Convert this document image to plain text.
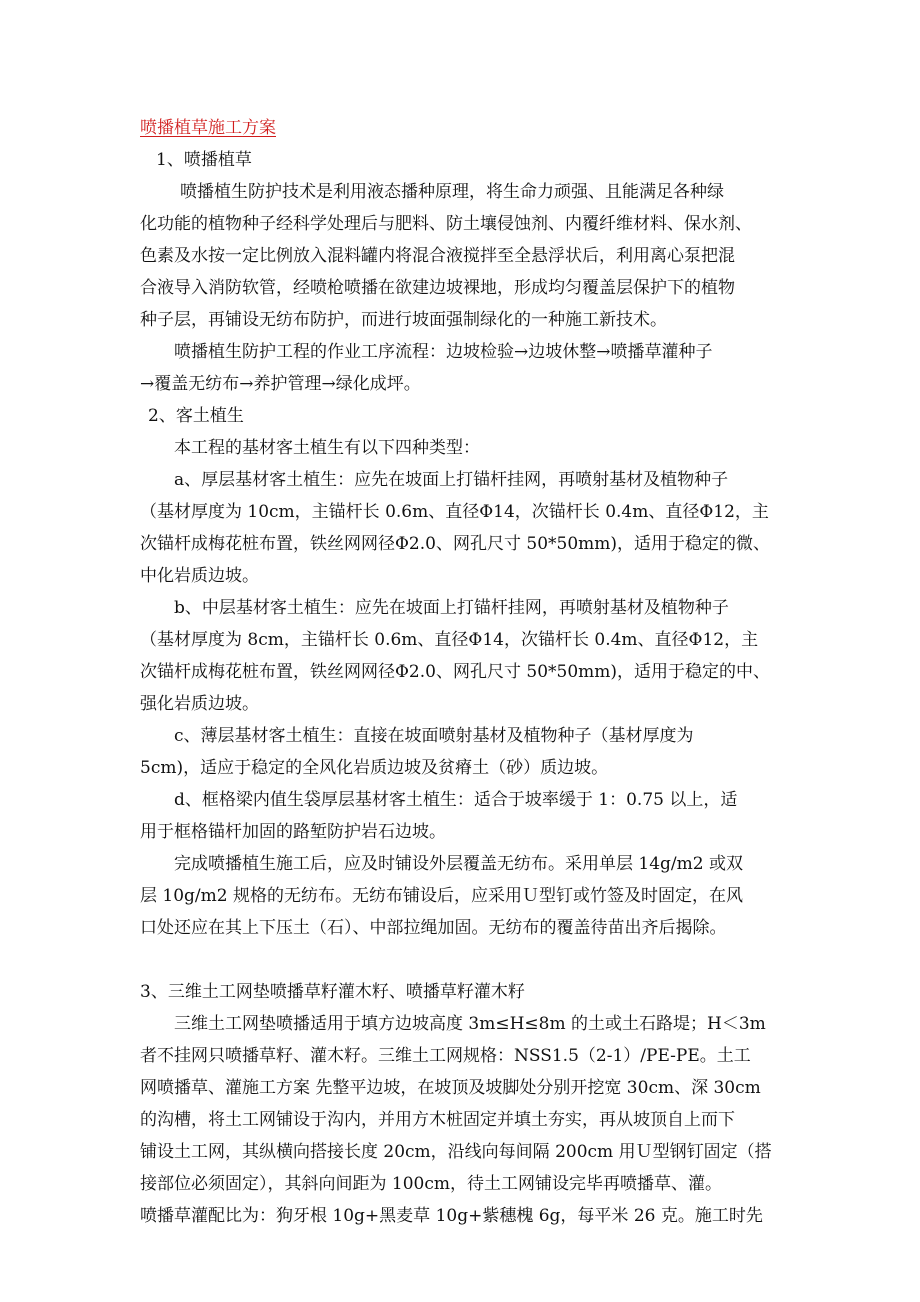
喷播植草施工方案
1、喷播植草
喷播植生防护技术是利用液态播种原理，将生命力顽强、且能满足各种绿
化功能的植物种子经科学处理后与肥料、防土壤侵蚀剂、内覆纤维材料、保水剂、
色素及水按一定比例放入混料罐内将混合液搅拌至全悬浮状后，利用离心泵把混
合液导入消防软管，经喷枪喷播在欲建边坡裸地，形成均匀覆盖层保护下的植物
种子层，再铺设无纺布防护，而进行坡面强制绿化的一种施工新技术。
喷播植生防护工程的作业工序流程：边坡检验→边坡休整→喷播草灌种子
→覆盖无纺布→养护管理→绿化成坪。
2、客土植生
本工程的基材客土植生有以下四种类型：
a、厚层基材客土植生：应先在坡面上打锚杆挂网，再喷射基材及植物种子
（基材厚度为 10cm，主锚杆长 0.6m、直径Φ14，次锚杆长 0.4m、直径Φ12，主
次锚杆成梅花桩布置，铁丝网网径Φ2.0、网孔尺寸 50*50mm)，适用于稳定的微、
中化岩质边坡。
b、中层基材客土植生：应先在坡面上打锚杆挂网，再喷射基材及植物种子
（基材厚度为 8cm，主锚杆长 0.6m、直径Φ14，次锚杆长 0.4m、直径Φ12，主
次锚杆成梅花桩布置，铁丝网网径Φ2.0、网孔尺寸 50*50mm)，适用于稳定的中、
强化岩质边坡。
c、薄层基材客土植生：直接在坡面喷射基材及植物种子（基材厚度为
5cm)，适应于稳定的全风化岩质边坡及贫瘠土（砂）质边坡。
d、框格梁内值生袋厚层基材客土植生：适合于坡率缓于 1：0.75 以上，适
用于框格锚杆加固的路堑防护岩石边坡。
完成喷播植生施工后，应及时铺设外层覆盖无纺布。采用单层 14g/m2 或双
层 10g/m2 规格的无纺布。无纺布铺设后，应采用Ｕ型钉或竹签及时固定，在风
口处还应在其上下压土（石）、中部拉绳加固。无纺布的覆盖待苗出齐后揭除。
3、三维土工网垫喷播草籽灌木籽、喷播草籽灌木籽
三维土工网垫喷播适用于填方边坡高度 3m≤H≤8m 的土或土石路堤；H＜3m
者不挂网只喷播草籽、灌木籽。三维土工网规格：NSS1.5（2-1）/PE-PE。土工
网喷播草、灌施工方案 先整平边坡，在坡顶及坡脚处分别开挖宽 30cm、深 30cm
的沟槽，将土工网铺设于沟内，并用方木桩固定并填土夯实，再从坡顶自上而下
铺设土工网，其纵横向搭接长度 20cm，沿线向每间隔 200cm 用Ｕ型钢钉固定（搭
接部位必须固定），其斜向间距为 100cm，待土工网铺设完毕再喷播草、灌。
喷播草灌配比为：狗牙根 10g+黑麦草 10g+紫穗槐 6g，每平米 26 克。施工时先
